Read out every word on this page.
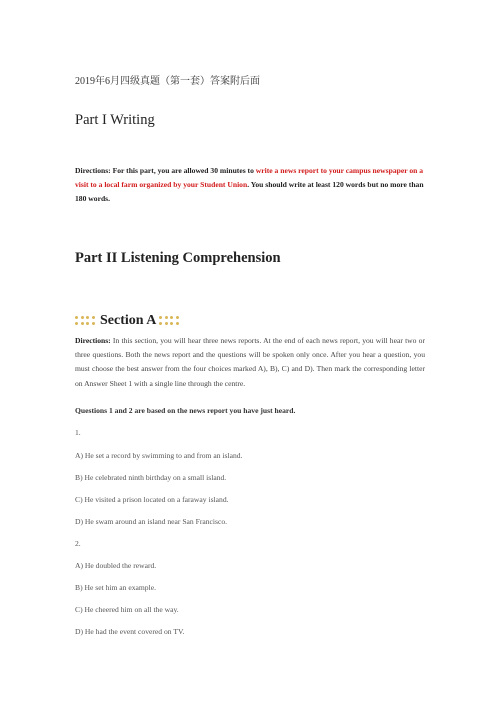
2019年6月四级真题（第一套）答案附后面
Part I Writing
Directions: For this part, you are allowed 30 minutes to write a news report to your campus newspaper on a visit to a local farm organized by your Student Union. You should write at least 120 words but no more than 180 words.
Part II Listening Comprehension
Section A
Directions: In this section, you will hear three news reports. At the end of each news report, you will hear two or three questions. Both the news report and the questions will be spoken only once. After you hear a question, you must choose the best answer from the four choices marked A), B), C) and D). Then mark the corresponding letter on Answer Sheet 1 with a single line through the centre.
Questions 1 and 2 are based on the news report you have just heard.
1.
A) He set a record by swimming to and from an island.
B) He celebrated ninth birthday on a small island.
C) He visited a prison located on a faraway island.
D) He swam around an island near San Francisco.
2.
A) He doubled the reward.
B) He set him an example.
C) He cheered him on all the way.
D) He had the event covered on TV.
